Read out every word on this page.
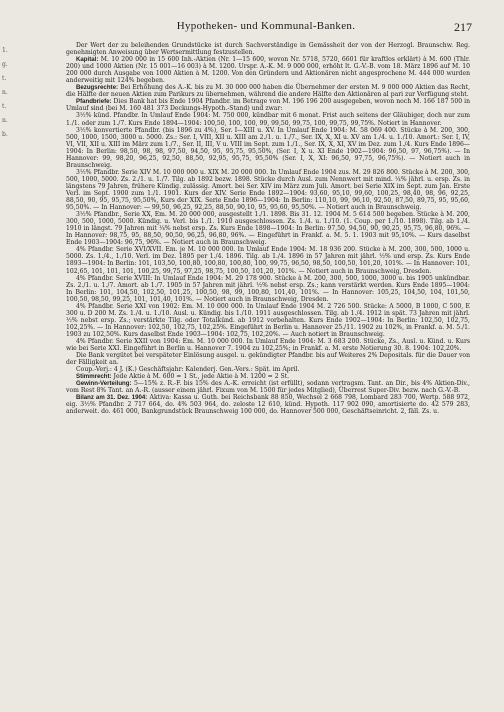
Hypotheken- und Kommunal-Banken.	217
1.
g.
t.
n.
t.
n.
b.

Der Wert der zu beleihenden Grundstücke ist durch Sachverständige in Gemässheit der von der Herzogl. Braunschw. Reg. genehmigten Anweisung über Wertsermittlung festzustellen.

Kapital: M. 10 200 000 in 15 600 Inh.-Aktien (Nr. 1—15 600, wovon Nr. 5718, 5720, 6601 für kraftlos erklärt) à M. 600 (Thlr. 200) und 1000 Aktien (Nr. 15 001—16 003) à M. 1200. Urspr. A.-K. M. 9 000 000, erhöht lt. G.-V.-B. vom 18. März 1896 auf M. 10 200 000 durch Ausgabe von 1000 Aktien à M. 1200. Von den Gründern und Aktionären nicht angesprochene M. 444 000 wurden anderweitig mit 124% begeben.

Bezugsrechte: Bei Erhöhung des A.-K. bis zu M. 30 000 000 haben die Übernehmer der ersten M. 9 000 000 Aktien das Recht, die Hälfte der neuen Aktien zum Parikurs zu übernehmen, während die andere Hälfte den Aktionären al pari zur Verfügung steht.

Pfandbriefe: Dies Bank hat bis Ende 1904 Pfandbr. im Betrage von M. 196 196 200 ausgegeben, wovon noch M. 166 187 500 in Umlauf sind (bei M. 160 481 373 Deckungs-Hypoth.-Stand) und zwar:

3½% künd. Pfandbr. In Umlauf Ende 1904: M. 750 000, kündbar mit 6 monat. Frist auch seitens der Gläubiger, doch nur zum 1./1. oder zum 1./7. Kurs Ende 1894—1904: 100,50, 100, 100, 99, 99,50, 99,75, 100, 99,75, 99,75%. Notiert in Hannover.

3½% konvertierte Pfandbr. (bis 1896 zu 4%), Ser. I—XIII u. XV. In Umlauf Ende 1904: M. 58 069 400. Stücke à M. 200, 300, 500, 1000, 1500, 3000 u. 5000. Zs.: Ser. I, VIII, XII u. XIII am 2./1. u. 1./7., Ser. IX, X, XI u. XV am 1./4. u. 1./10. Amort.: Ser. I, IV, VI, VII, XII u. XIII im März zum 1./7., Ser. II, III, V u. VIII im Sept. zum 1./1., Ser. IX, X, XI, XV im Dez. zum 1./4. Kurs Ende 1896—1904: In Berlin: 98,50, 98, 98, 97,50, 94,50, 95, 95,75, 95,50%, (Ser. I, X u. XI Ende 1902—1904: 96,50, 97, 96,75%). — In Hannover: 99, 98,20, 96,25, 92,50, 88,50, 92,95, 95,75, 95,50% (Ser. I, X, XI: 96,50, 97,75, 96,75%). — Notiert auch in Braunschweig.

3½% Pfandbr. Serie XIV M. 10 000 000 u. XIX M. 20 000 000. In Umlauf Ende 1904 zus. M. 29 826 800. Stücke à M. 200, 300, 500, 1000, 5000. Zs. 2./1. u. 1./7. Tilg. ab 1892 bezw. 1898. Stücke durch Ausl. zum Nennwert mit mind. ¼% jährl. u. ersp. Zs. in längstens 79 Jahren, frühere Kündig. zulässig. Amort. bei Ser. XIV im März zum Juli. Amort. bei Serie XIX im Sept. zum Jan. Erste Verl. im Sept. 1900 zum 1./1. 1901. Kurs der XIV. Serie Ende 1892—1904: 93,60, 95,10, 99,60, 100,25, 98,40, 98, 96, 92,25, 88,50, 90, 95, 95,75, 95,50%, Kurs der XIX. Serie Ende 1896—1904: In Berlin: 110,10, 99, 96,10, 92,50, 87,50, 89,75, 95, 95,60, 95,50%. — In Hannover: — 99,50, 96,25, 92,25, 88,50, 90,10, 95, 95,60, 95,50%. — Notiert auch in Braunschweig.

3½% Pfandbr., Serie XX, Em. M. 20 000 000, ausgestellt 1./1. 1898. Bis 31. 12. 1904 M. 5 614 500 begeben. Stücke à M. 200, 300, 500, 1000, 5000. Kündig. u. Verl. bis 1./1. 1910 ausgeschlossen. Zs. 1./4. u. 1./10. (1. Coup. per 1./10. 1898). Tilg. ab 1./4. 1910 in längst. 79 Jahren mit ¼% nebst ersp. Zs. Kurs Ende 1898—1904: In Berlin: 97,50, 94,50, 90, 90,25, 95,75, 96,80, 96%. — In Hannover: 98,75, 95, 88,50, 90,50, 96,25, 96,80, 96%. — Eingeführt in Frankf. a. M. 5. 1. 1903 mit 95,10%. — Kurs daselbst Ende 1903—1904: 96,75, 96%. — Notiert auch in Braunschweig.

4% Pfandbr. Serie XVI/XVII. Em. je M. 10 000 000. In Umlauf Ende 1904: M. 18 936 200. Stücke à M. 200, 300, 500, 1000 u. 5000. Zs. 1./4., 1./10. Verl. im Dez. 1895 per 1./4. 1896. Tilg. ab 1./4. 1896 in 57 Jahren mit jährl. ½% und ersp. Zs. Kurs Ende 1893—1904: In Berlin: 101, 103,50, 100,80, 100,80, 100,80, 100, 99,75, 96,50, 98,50, 100,50, 101,20, 101%. — In Hannover: 101, 102,65, 101, 101, 101, 100,25, 99,75, 97,25, 98,75, 100,50, 101,20, 101%. — Notiert auch in Braunschweig, Dresden.

4% Pfandbr. Serie XVIII: In Umlauf Ende 1904: M. 29 178 900. Stücke à M. 200, 300, 500, 1000, 3000 u. bis 1905 unkündbar. Zs. 2./1. u. 1./7. Amort. ab 1./7. 1905 in 57 Jahren mit jährl. ½% nebst ersp. Zs.; kann verstärkt werden. Kurs Ende 1895—1904: In Berlin: 101, 104,50, 102,50, 101,25, 100,50, 98, 99, 100,80, 101,40, 101%. — In Hannover: 105,25, 104,50, 104, 101,50, 100,50, 98,50, 99,25, 101, 101,40, 101%. — Notiert auch in Braunschweig, Dresden.

4% Pfandbr. Serie XXI von 1902: Em. M. 10 000 000. In Umlauf Ende 1904 M. 2 726 500. Stücke: A 5000, B 1000, C 500, E 300 u. D 200 M. Zs. 1./4. u. 1./10. Ausl. u. Kündig. bis 1./10. 1911 ausgeschlossen. Tilg. ab 1./4. 1912 in spät. 73 Jahren mit jährl. ½% nebst ersp. Zs.; verstärkte Tilg. oder Totalkünd. ab 1912 vorbehalten. Kurs Ende 1902—1904: In Berlin: 102,50, 102,75, 102,25%. — In Hannover: 102,50, 102,75, 102,25%. Eingeführt in Berlin u. Hannover 25./11. 1902 zu 102%, in Frankf. a. M. 5./1. 1903 zu 102,50%. Kurs daselbst Ende 1903—1904: 102,75, 102,20%. — Auch notiert in Braunschweig.

4% Pfandbr. Serie XXII von 1904: Em. M. 10 000 000. In Umlauf Ende 1904: M. 3 683 200. Stücke, Zs., Ausl. u. Künd. u. Kurs wie bei Serie XXI. Eingeführt in Berlin u. Hannover 7. 1904 zu 102,25%; in Frankf. a. M. erste Notierung 30. 8. 1904: 102,20%.

Die Bank vergütet bei verspäteter Einlösung ausgel. u. gekündigter Pfandbr. bis auf Weiteres 2% Depositals. für die Dauer von der Fälligkeit an.

Coup.-Verj.: 4 J. (K.) Geschäftsjahr: Kalenderj. Gen.-Vers.: Spät. im April.

Stimmrecht: Jede Aktie à M. 600 = 1 St., jede Aktie à M. 1200 = 2 St.

Gewinn-Verteilung: 5—15% z. R.-F. bis 15% des A.-K. erreicht (ist erfüllt), sodann vertragsm. Tant. an Dir., bis 4% Aktien-Div., vom Rest 8% Tant. an A.-R. (ausser einem jährl. Fixum von M. 1500 für jedes Mitglied), Überrest Super-Div. bezw. nach G.-V.-B.

Bilanz am 31. Dez. 1904: Aktiva: Kassa u. Guth. bei Reichsbank 88 850, Wechsel 2 668 798, Lombard 283 700, Wertp. 588 972, eig. 3½% Pfandbr. 2 717 664, do. 4% 503 964, do. zeloste 12 610, künd. Hypoth. 117 902 090, amortisierte do. 42 579 283, anderweit. do. 461 000, Bankgrundstück Braunschweig 100 000, do. Hannover 500 000, Geschäftseinricht. 2, fäll. Zs. u.
